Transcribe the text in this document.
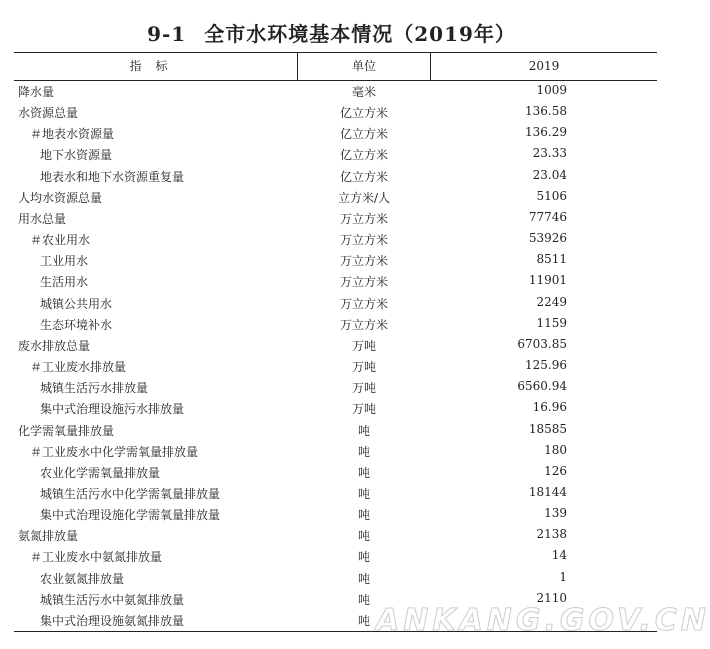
9-1 全市水环境基本情况（2019年）
指标	单位	2019
降水量	毫米	1009
水资源总量	亿立方米	136.58
＃地表水资源量	亿立方米	136.29
地下水资源量	亿立方米	23.33
地表水和地下水资源重复量	亿立方米	23.04
人均水资源总量	立方米/人	5106
用水总量	万立方米	77746
＃农业用水	万立方米	53926
工业用水	万立方米	8511
生活用水	万立方米	11901
城镇公共用水	万立方米	2249
生态环境补水	万立方米	1159
废水排放总量	万吨	6703.85
＃工业废水排放量	万吨	125.96
城镇生活污水排放量	万吨	6560.94
集中式治理设施污水排放量	万吨	16.96
化学需氧量排放量	吨	18585
＃工业废水中化学需氧量排放量	吨	180
农业化学需氧量排放量	吨	126
城镇生活污水中化学需氧量排放量	吨	18144
集中式治理设施化学需氧量排放量	吨	139
氨氮排放量	吨	2138
＃工业废水中氨氮排放量	吨	14
农业氨氮排放量	吨	1
城镇生活污水中氨氮排放量	吨	2110
集中式治理设施氨氮排放量	吨 ANKANG.GOV.CN
